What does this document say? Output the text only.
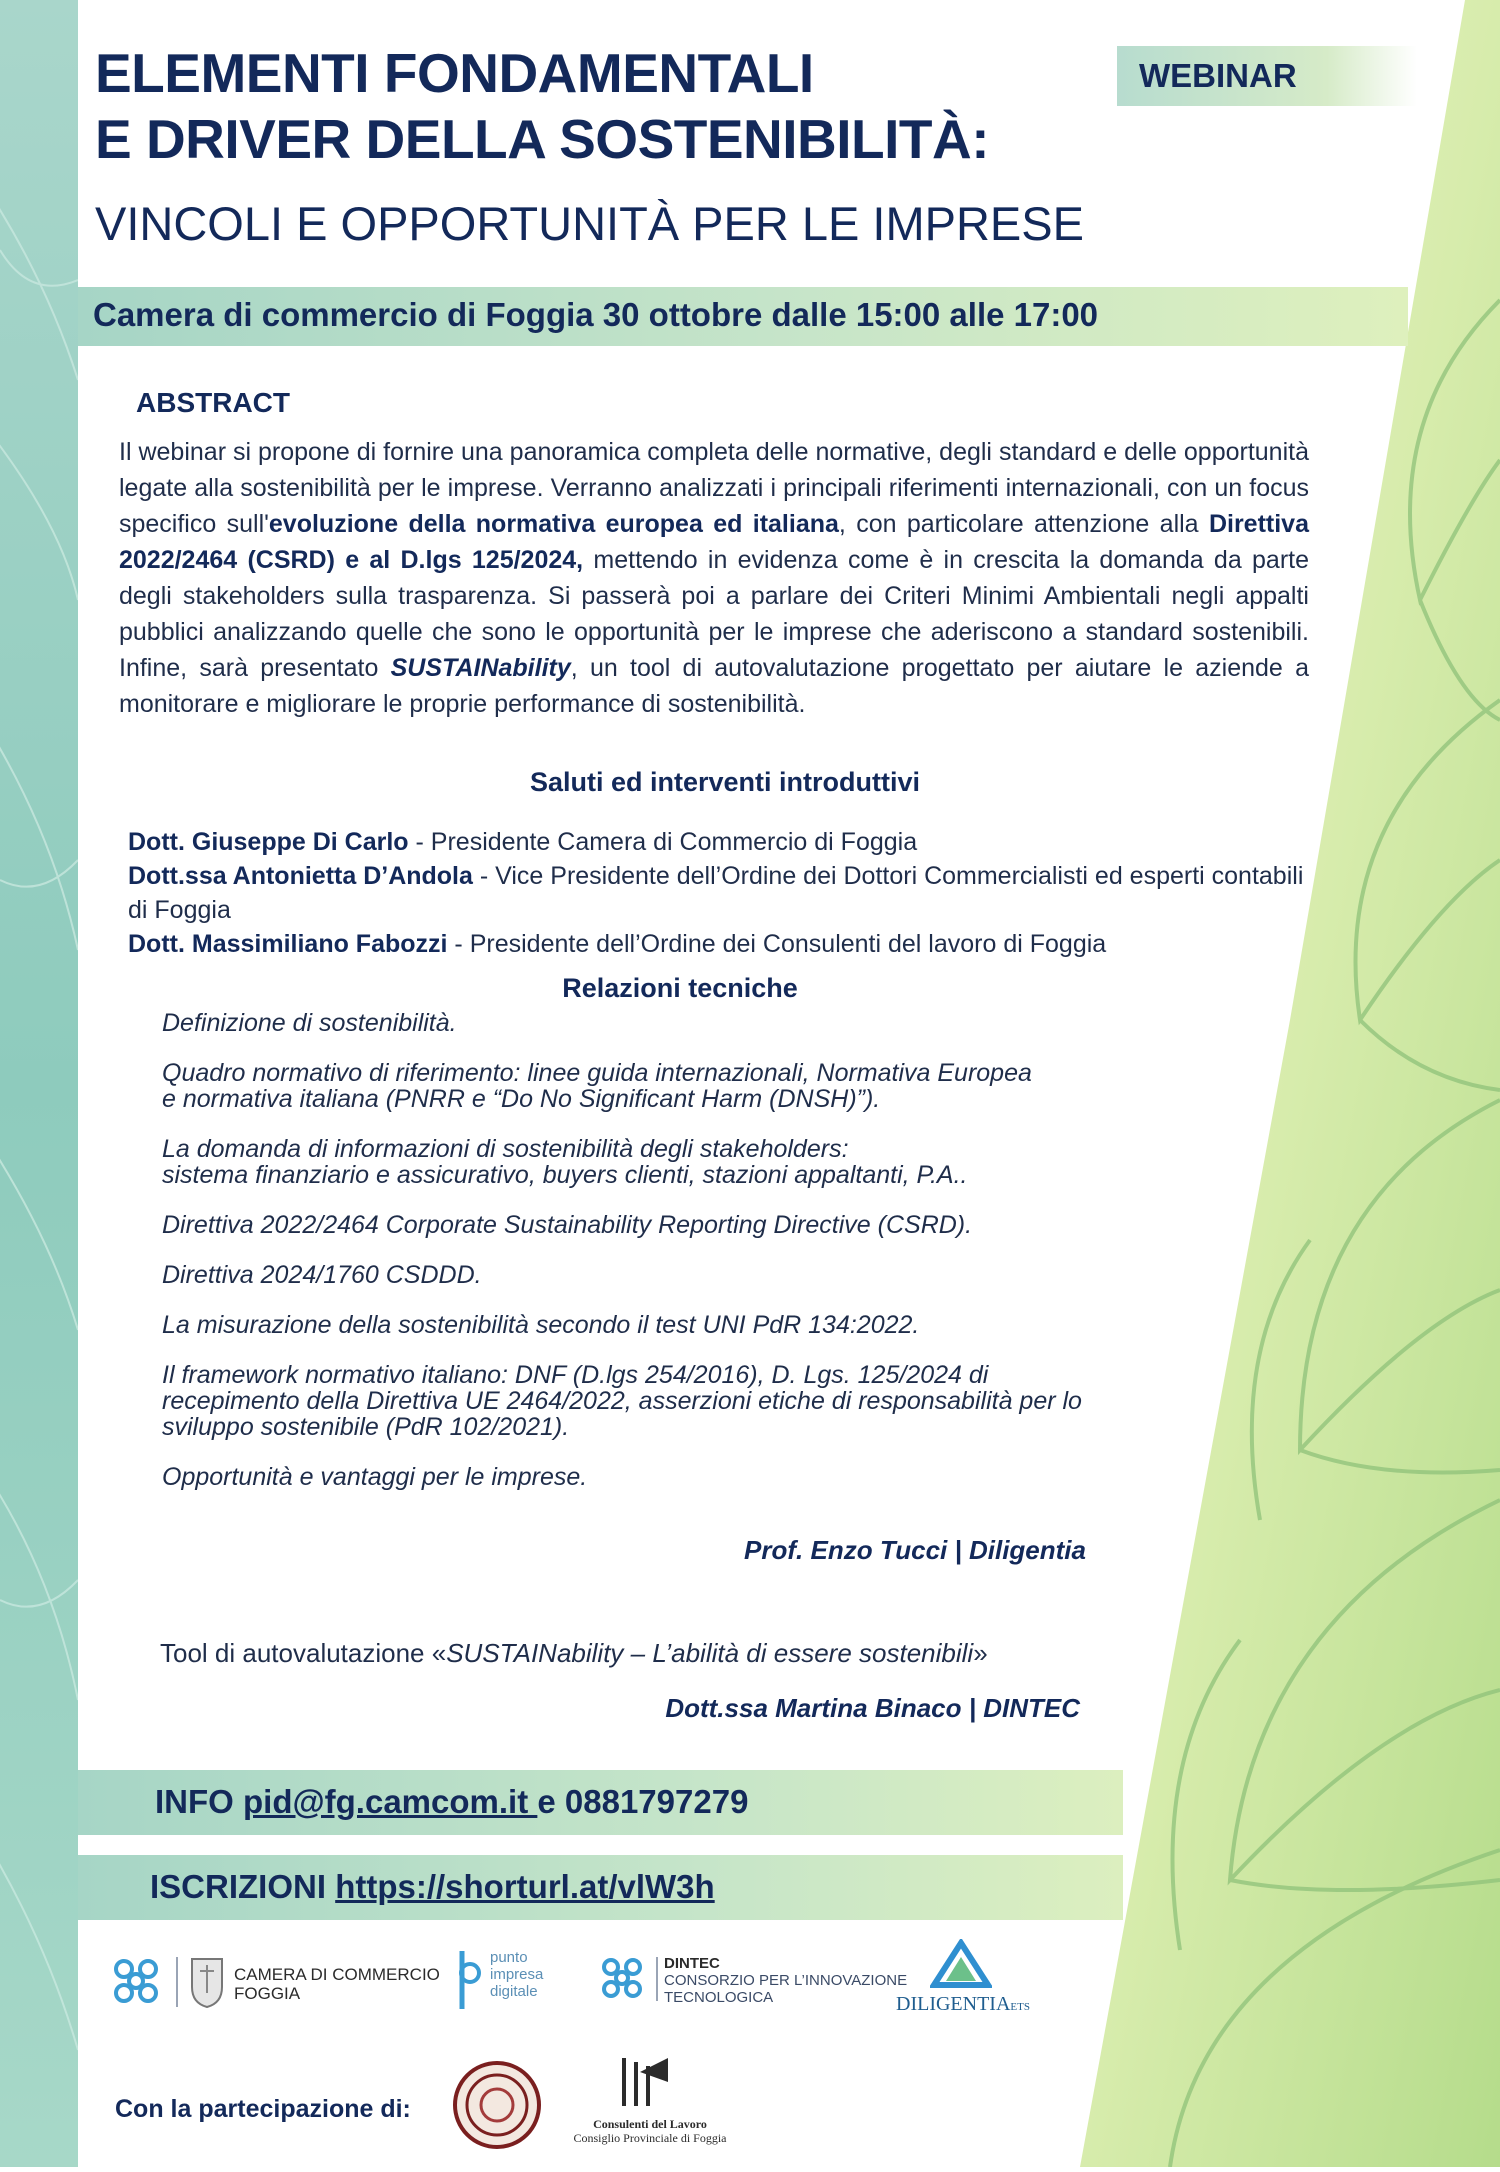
ELEMENTI FONDAMENTALI
E DRIVER DELLA SOSTENIBILITÀ:
VINCOLI E OPPORTUNITÀ PER LE IMPRESE
WEBINAR
Camera di commercio di Foggia 30 ottobre dalle 15:00 alle 17:00
ABSTRACT
Il webinar si propone di fornire una panoramica completa delle normative, degli standard e delle opportunità legate alla sostenibilità per le imprese. Verranno analizzati i principali riferimenti internazionali, con un focus specifico sull'evoluzione della normativa europea ed italiana, con particolare attenzione alla Direttiva 2022/2464 (CSRD) e al D.lgs 125/2024, mettendo in evidenza come è in crescita la domanda da parte degli stakeholders sulla trasparenza. Si passerà poi a parlare dei Criteri Minimi Ambientali negli appalti pubblici analizzando quelle che sono le opportunità per le imprese che aderiscono a standard sostenibili. Infine, sarà presentato SUSTAINability, un tool di autovalutazione progettato per aiutare le aziende a monitorare e migliorare le proprie performance di sostenibilità.
Saluti ed interventi introduttivi
Dott. Giuseppe Di Carlo - Presidente Camera di Commercio di Foggia
Dott.ssa Antonietta D’Andola - Vice Presidente dell’Ordine dei Dottori Commercialisti ed esperti contabili di Foggia
Dott. Massimiliano Fabozzi - Presidente dell’Ordine dei Consulenti del lavoro di Foggia
Relazioni tecniche
Definizione di sostenibilità.
Quadro normativo di riferimento: linee guida internazionali, Normativa Europea
e normativa italiana (PNRR e “Do No Significant Harm (DNSH)”).
La domanda di informazioni di sostenibilità degli stakeholders:
sistema finanziario e assicurativo, buyers clienti, stazioni appaltanti, P.A..
Direttiva 2022/2464 Corporate Sustainability Reporting Directive (CSRD).
Direttiva 2024/1760 CSDDD.
La misurazione della sostenibilità secondo il test UNI PdR 134:2022.
Il framework normativo italiano: DNF (D.lgs 254/2016), D. Lgs. 125/2024 di recepimento della Direttiva UE 2464/2022, asserzioni etiche di responsabilità per lo sviluppo sostenibile (PdR 102/2021).
Opportunità e vantaggi per le imprese.
Prof. Enzo Tucci | Diligentia
Tool di autovalutazione «SUSTAINability – L’abilità di essere sostenibili»
Dott.ssa Martina Binaco | DINTEC
INFO pid@fg.camcom.it e 0881797279
ISCRIZIONI https://shorturl.at/vlW3h
CAMERA DI COMMERCIO
FOGGIA
punto
impresa
digitale
DINTEC
CONSORZIO PER L’INNOVAZIONE
TECNOLOGICA	DILIGENTIAETS
Con la partecipazione di:
Consulenti del Lavoro
Consiglio Provinciale di Foggia
